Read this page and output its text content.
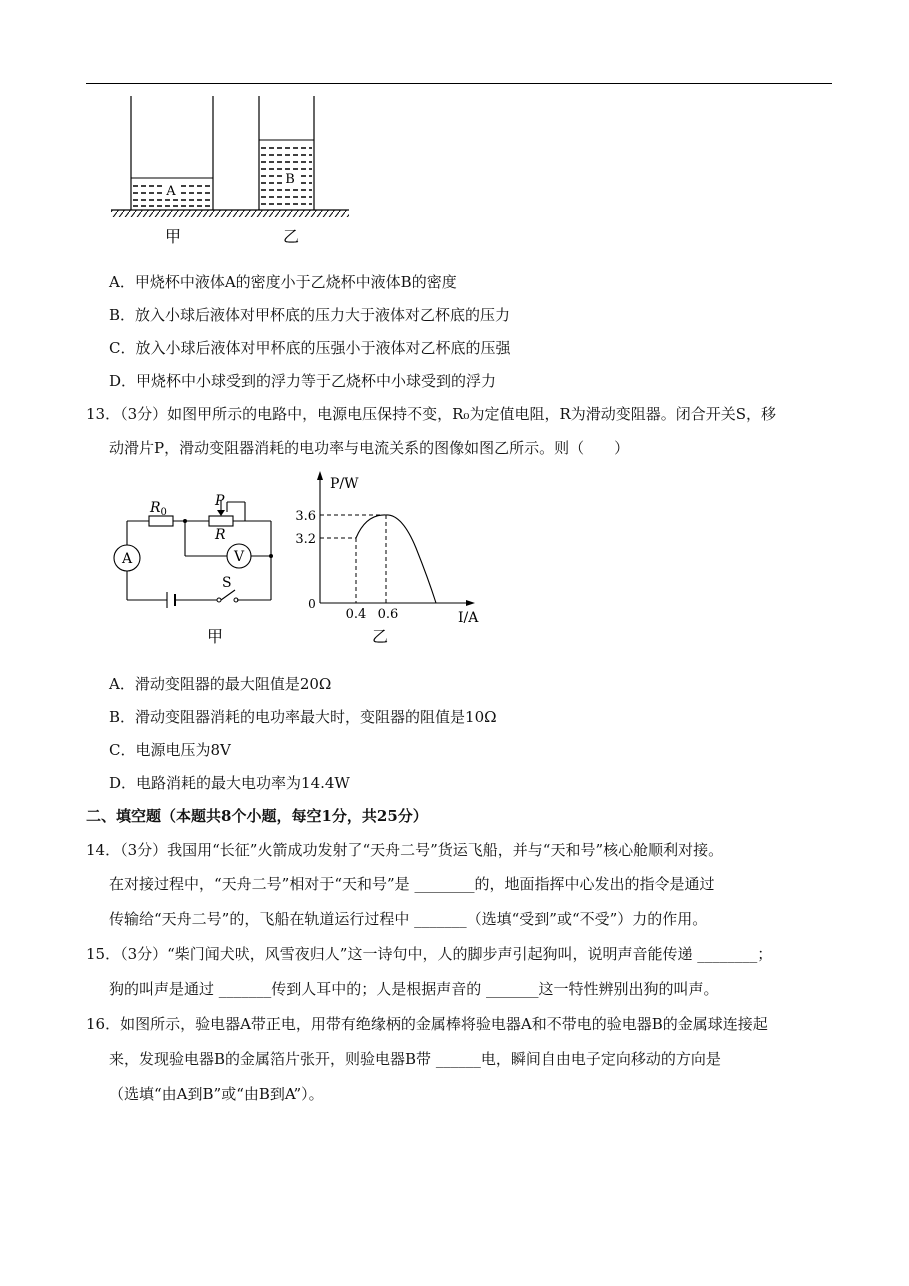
A
B
甲	乙
A．甲烧杯中液体A的密度小于乙烧杯中液体B的密度
B．放入小球后液体对甲杯底的压力大于液体对乙杯底的压力
C．放入小球后液体对甲杯底的压强小于液体对乙杯底的压强
D．甲烧杯中小球受到的浮力等于乙烧杯中小球受到的浮力
13．（3分）如图甲所示的电路中，电源电压保持不变，R₀为定值电阻，R为滑动变阻器。闭合开关S，移
动滑片P，滑动变阻器消耗的电功率与电流关系的图像如图乙所示。则（　　）
$R_0$
P
R
A	V
S
甲
P/W
I/A
0
3.6
3.2
0.4 0.6
乙
A．滑动变阻器的最大阻值是20Ω
B．滑动变阻器消耗的电功率最大时，变阻器的阻值是10Ω
C．电源电压为8V
D．电路消耗的最大电功率为14.4W
二、填空题（本题共8个小题，每空1分，共25分）
14．（3分）我国用“长征”火箭成功发射了“天舟二号”货运飞船，并与“天和号”核心舱顺利对接。
在对接过程中，“天舟二号”相对于“天和号”是 ________的，地面指挥中心发出的指令是通过
传输给“天舟二号”的，飞船在轨道运行过程中 _______（选填“受到”或“不受”）力的作用。
15．（3分）“柴门闻犬吠，风雪夜归人”这一诗句中，人的脚步声引起狗叫，说明声音能传递 ________；
狗的叫声是通过 _______传到人耳中的；人是根据声音的 _______这一特性辨别出狗的叫声。
16．如图所示，验电器A带正电，用带有绝缘柄的金属棒将验电器A和不带电的验电器B的金属球连接起
来，发现验电器B的金属箔片张开，则验电器B带 ______电，瞬间自由电子定向移动的方向是
（选填“由A到B”或“由B到A”）。
